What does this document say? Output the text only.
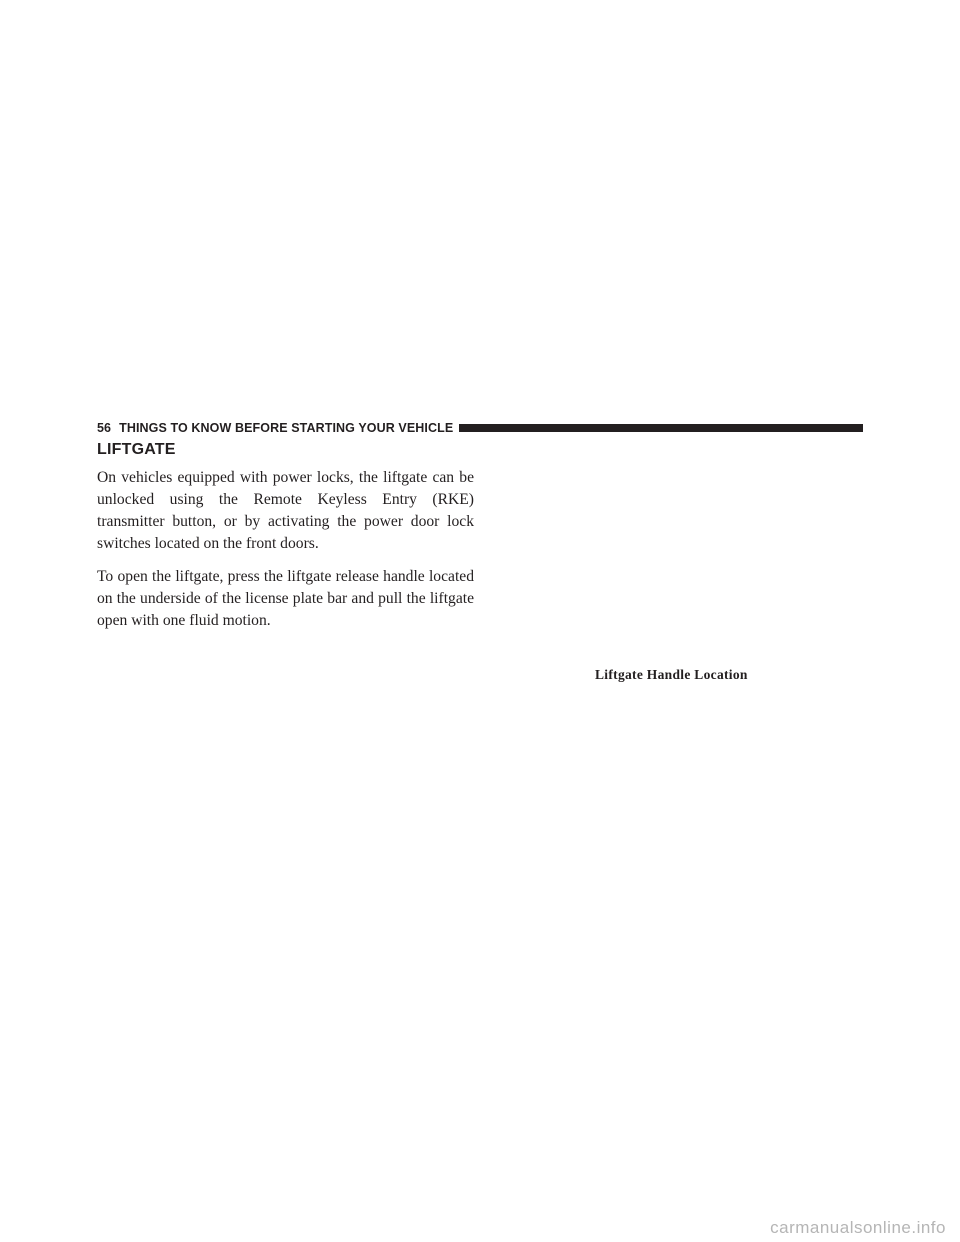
56 THINGS TO KNOW BEFORE STARTING YOUR VEHICLE
LIFTGATE

On vehicles equipped with power locks, the liftgate can be unlocked using the Remote Keyless Entry (RKE) transmitter button, or by activating the power door lock switches located on the front doors.

To open the liftgate, press the liftgate release handle located on the underside of the license plate bar and pull the liftgate open with one fluid motion.

Liftgate Handle Location
carmanualsonline.info
